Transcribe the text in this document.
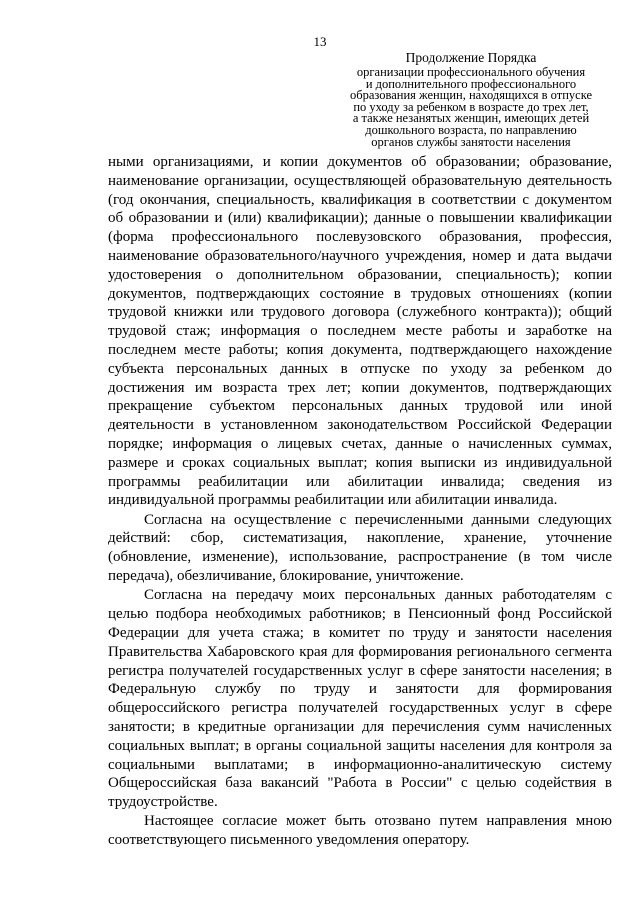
13
Продолжение Порядка
организации профессионального обучения
и дополнительного профессионального
образования женщин, находящихся в отпуске
по уходу за ребенком в возрасте до трех лет,
а также незанятых женщин, имеющих детей
дошкольного возраста, по направлению
органов службы занятости населения

ными организациями, и копии документов об образовании; образование, наименование организации, осуществляющей образовательную деятельность (год окончания, специальность, квалификация в соответствии с документом об образовании и (или) квалификации); данные о повышении квалификации (форма профессионального послевузовского образования, профессия, наименование образовательного/научного учреждения, номер и дата выдачи удостоверения о дополнительном образовании, специальность); копии документов, подтверждающих состояние в трудовых отношениях (копии трудовой книжки или трудового договора (служебного контракта)); общий трудовой стаж; информация о последнем месте работы и заработке на последнем месте работы; копия документа, подтверждающего нахождение субъекта персональных данных в отпуске по уходу за ребенком до достижения им возраста трех лет; копии документов, подтверждающих прекращение субъектом персональных данных трудовой или иной деятельности в установленном законодательством Российской Федерации порядке; информация о лицевых счетах, данные о начисленных суммах, размере и сроках социальных выплат; копия выписки из индивидуальной программы реабилитации или абилитации инвалида; сведения из индивидуальной программы реабилитации или абилитации инвалида.

Согласна на осуществление с перечисленными данными следующих действий: сбор, систематизация, накопление, хранение, уточнение (обновление, изменение), использование, распространение (в том числе передача), обезличивание, блокирование, уничтожение.

Согласна на передачу моих персональных данных работодателям с целью подбора необходимых работников; в Пенсионный фонд Российской Федерации для учета стажа; в комитет по труду и занятости населения Правительства Хабаровского края для формирования регионального сегмента регистра получателей государственных услуг в сфере занятости населения; в Федеральную службу по труду и занятости для формирования общероссийского регистра получателей государственных услуг в сфере занятости; в кредитные организации для перечисления сумм начисленных социальных выплат; в органы социальной защиты населения для контроля за социальными выплатами; в информационно-аналитическую систему Общероссийская база вакансий "Работа в России" с целью содействия в трудоустройстве.

Настоящее согласие может быть отозвано путем направления мною соответствующего письменного уведомления оператору.
